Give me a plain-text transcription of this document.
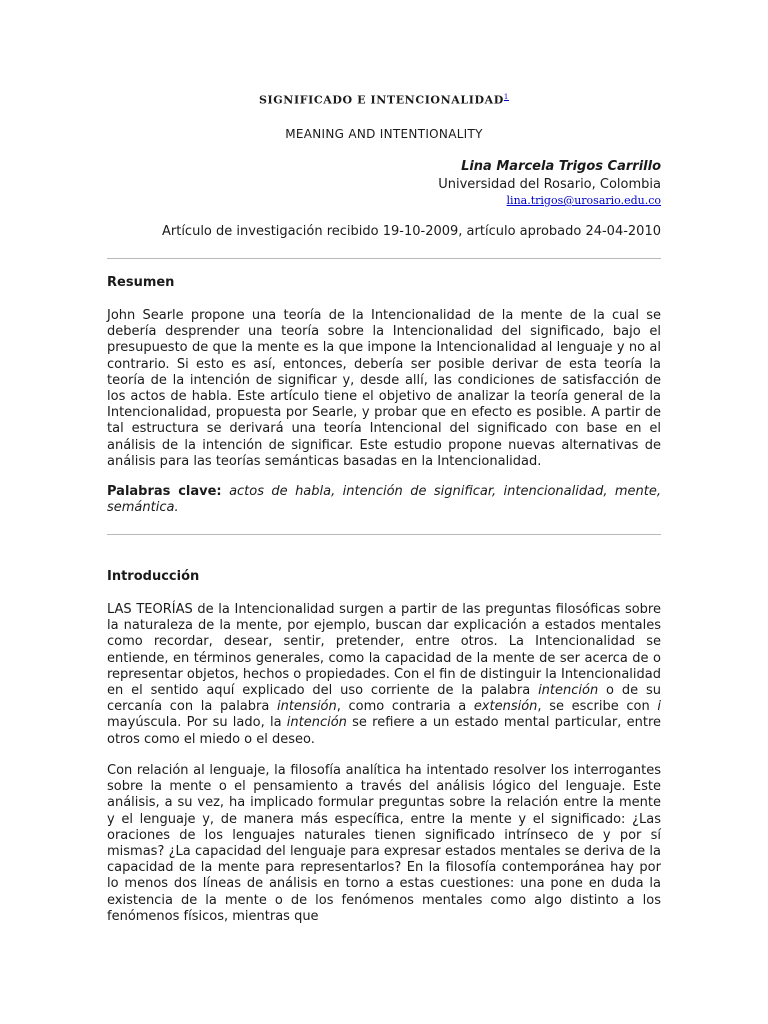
SIGNIFICADO E INTENCIONALIDAD$^1$
MEANING AND INTENTIONALITY
Lina Marcela Trigos Carrillo
Universidad del Rosario, Colombia
lina.trigos@urosario.edu.co
Artículo de investigación recibido 19-10-2009, artículo aprobado 24-04-2010
Resumen

John Searle propone una teoría de la Intencionalidad de la mente de la cual se debería desprender una teoría sobre la Intencionalidad del significado, bajo el presupuesto de que la mente es la que impone la Intencionalidad al lenguaje y no al contrario. Si esto es así, entonces, debería ser posible derivar de esta teoría la teoría de la intención de significar y, desde allí, las condiciones de satisfacción de los actos de habla. Este artículo tiene el objetivo de analizar la teoría general de la Intencionalidad, propuesta por Searle, y probar que en efecto es posible. A partir de tal estructura se derivará una teoría Intencional del significado con base en el análisis de la intención de significar. Este estudio propone nuevas alternativas de análisis para las teorías semánticas basadas en la Intencionalidad.

Palabras clave: actos de habla, intención de significar, intencionalidad, mente, semántica.

Introducción

LAS TEORÍAS de la Intencionalidad surgen a partir de las preguntas filosóficas sobre la naturaleza de la mente, por ejemplo, buscan dar explicación a estados mentales como recordar, desear, sentir, pretender, entre otros. La Intencionalidad se entiende, en términos generales, como la capacidad de la mente de ser acerca de o representar objetos, hechos o propiedades. Con el fin de distinguir la Intencionalidad en el sentido aquí explicado del uso corriente de la palabra intención o de su cercanía con la palabra intensión, como contraria a extensión, se escribe con i mayúscula. Por su lado, la intención se refiere a un estado mental particular, entre otros como el miedo o el deseo.

Con relación al lenguaje, la filosofía analítica ha intentado resolver los interrogantes sobre la mente o el pensamiento a través del análisis lógico del lenguaje. Este análisis, a su vez, ha implicado formular preguntas sobre la relación entre la mente y el lenguaje y, de manera más específica, entre la mente y el significado: ¿Las oraciones de los lenguajes naturales tienen significado intrínseco de y por sí mismas? ¿La capacidad del lenguaje para expresar estados mentales se deriva de la capacidad de la mente para representarlos? En la filosofía contemporánea hay por lo menos dos líneas de análisis en torno a estas cuestiones: una pone en duda la existencia de la mente o de los fenómenos mentales como algo distinto a los fenómenos físicos, mientras que
